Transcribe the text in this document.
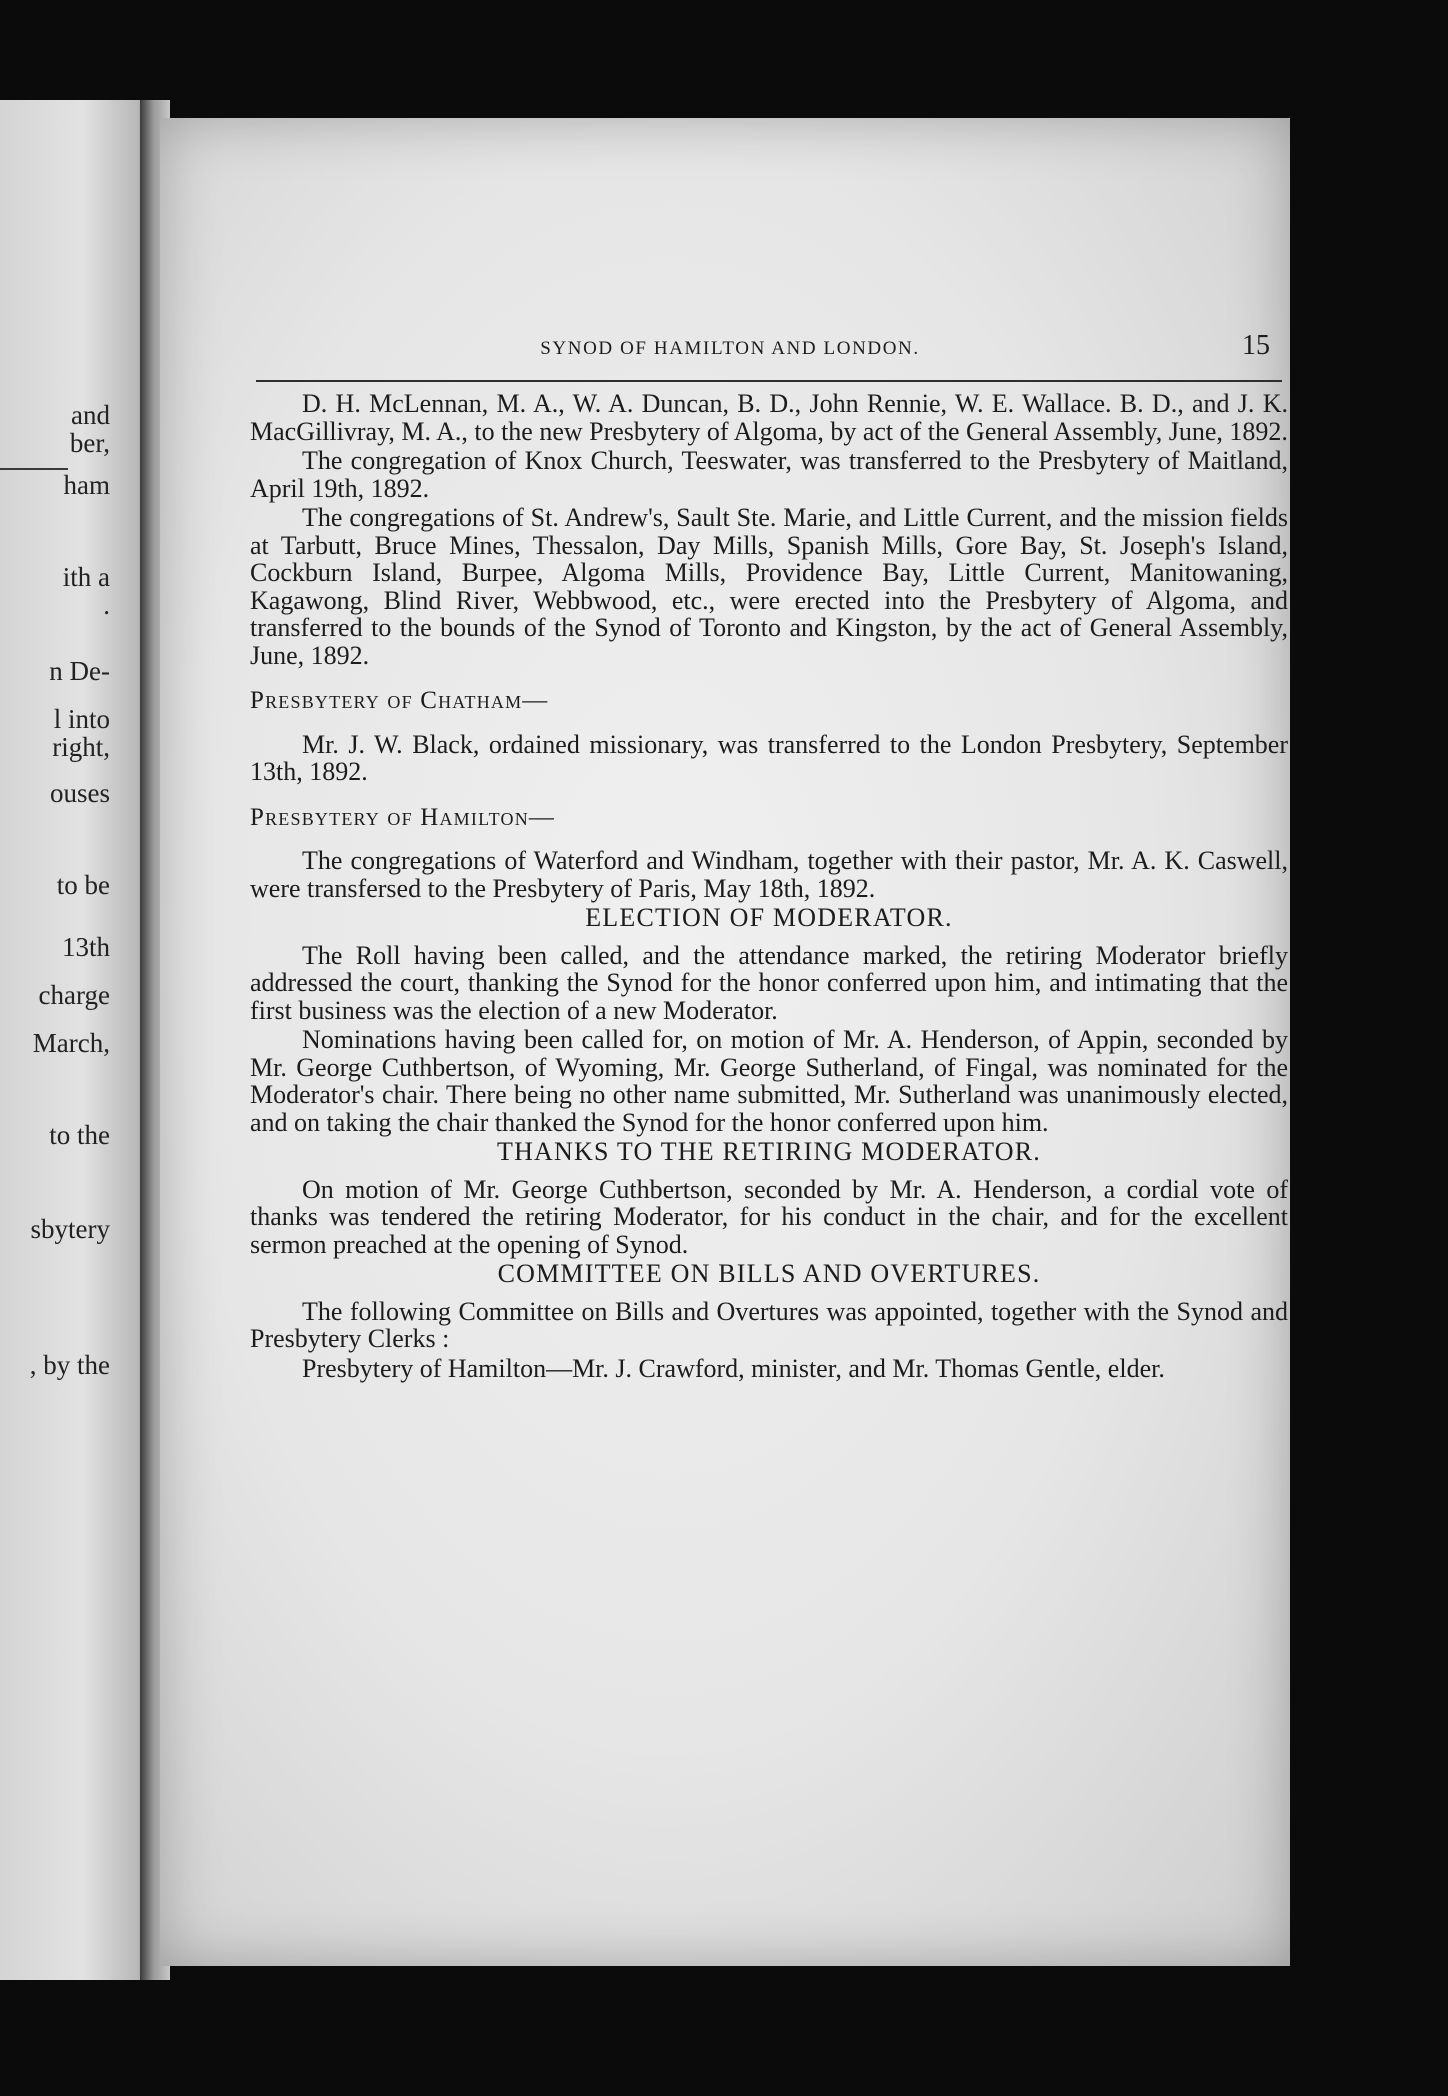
and
ber,
ham
ith a
.
n De-
l into
right,
ouses
to be
13th
charge
March,
to the
sbytery
, by the
SYNOD OF HAMILTON AND LONDON.	15

D. H. McLennan, M. A., W. A. Duncan, B. D., John Rennie, W. E. Wallace. B. D., and J. K. MacGillivray, M. A., to the new Presbytery of Algoma, by act of the General Assembly, June, 1892.

The congregation of Knox Church, Teeswater, was transferred to the Presbytery of Maitland, April 19th, 1892.

The congregations of St. Andrew's, Sault Ste. Marie, and Little Current, and the mission fields at Tarbutt, Bruce Mines, Thessalon, Day Mills, Spanish Mills, Gore Bay, St. Joseph's Island, Cockburn Island, Burpee, Algoma Mills, Providence Bay, Little Current, Manitowaning, Kagawong, Blind River, Webbwood, etc., were erected into the Presbytery of Algoma, and transferred to the bounds of the Synod of Toronto and Kingston, by the act of General Assembly, June, 1892.

Presbytery of Chatham—

Mr. J. W. Black, ordained missionary, was transferred to the London Presbytery, September 13th, 1892.

Presbytery of Hamilton—

The congregations of Waterford and Windham, together with their pastor, Mr. A. K. Caswell, were transfersed to the Presbytery of Paris, May 18th, 1892.

ELECTION OF MODERATOR.

The Roll having been called, and the attendance marked, the retiring Moderator briefly addressed the court, thanking the Synod for the honor conferred upon him, and intimating that the first business was the election of a new Moderator.

Nominations having been called for, on motion of Mr. A. Henderson, of Appin, seconded by Mr. George Cuthbertson, of Wyoming, Mr. George Sutherland, of Fingal, was nominated for the Moderator's chair. There being no other name submitted, Mr. Sutherland was unanimously elected, and on taking the chair thanked the Synod for the honor conferred upon him.

THANKS TO THE RETIRING MODERATOR.

On motion of Mr. George Cuthbertson, seconded by Mr. A. Henderson, a cordial vote of thanks was tendered the retiring Moderator, for his conduct in the chair, and for the excellent sermon preached at the opening of Synod.

COMMITTEE ON BILLS AND OVERTURES.

The following Committee on Bills and Overtures was appointed, together with the Synod and Presbytery Clerks :

Presbytery of Hamilton—Mr. J. Crawford, minister, and Mr. Thomas Gentle, elder.
